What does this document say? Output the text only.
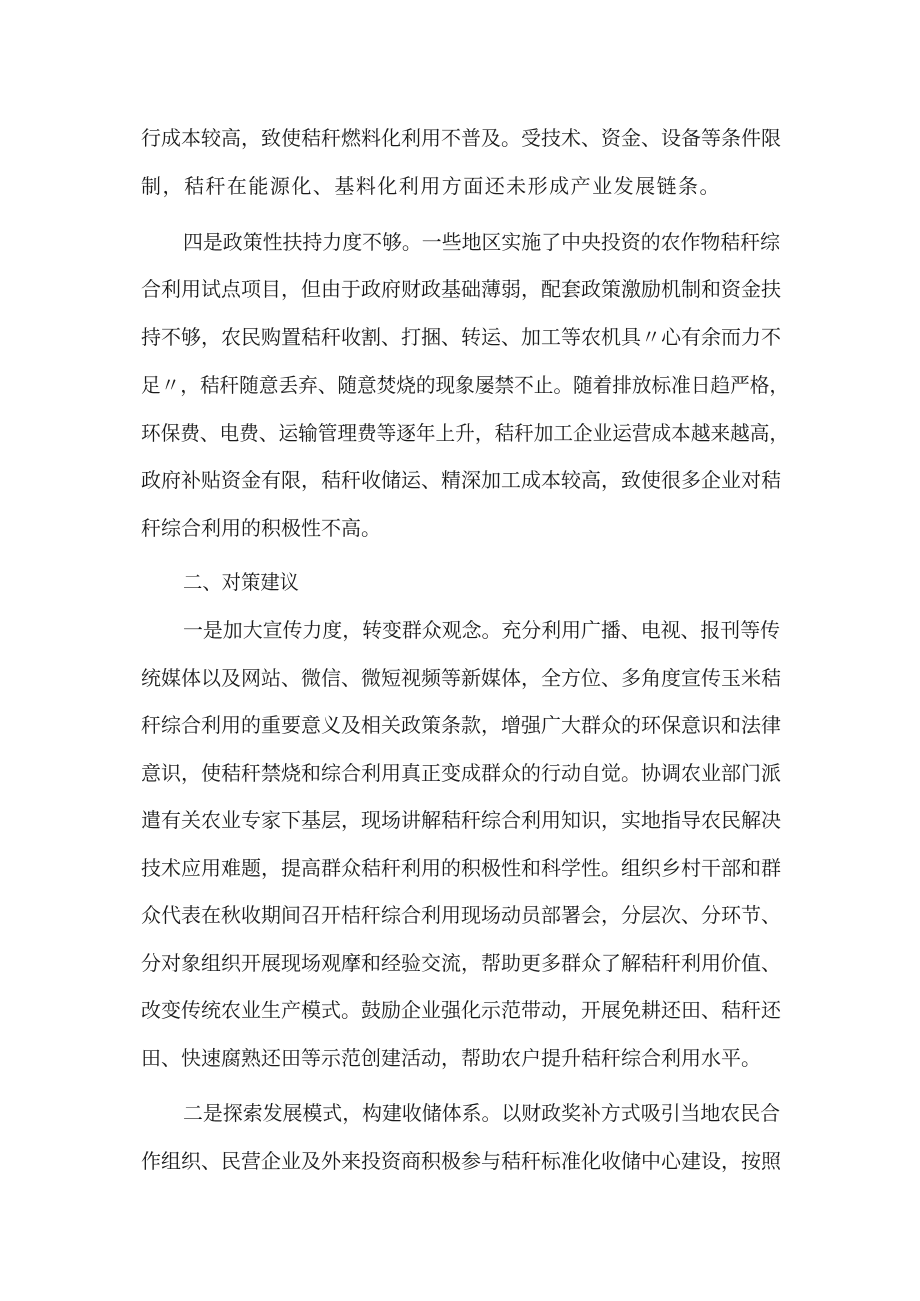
行成本较高，致使秸秆燃料化利用不普及。受技术、资金、设备等条件限
制，秸秆在能源化、基料化利用方面还未形成产业发展链条。
四是政策性扶持力度不够。一些地区实施了中央投资的农作物秸秆综
合利用试点项目，但由于政府财政基础薄弱，配套政策激励机制和资金扶
持不够，农民购置秸秆收割、打捆、转运、加工等农机具〃心有余而力不
足〃，秸秆随意丢弃、随意焚烧的现象屡禁不止。随着排放标准日趋严格，
环保费、电费、运输管理费等逐年上升，秸秆加工企业运营成本越来越高，
政府补贴资金有限，秸秆收储运、精深加工成本较高，致使很多企业对秸
秆综合利用的积极性不高。
二、对策建议
一是加大宣传力度，转变群众观念。充分利用广播、电视、报刊等传
统媒体以及网站、微信、微短视频等新媒体，全方位、多角度宣传玉米秸
秆综合利用的重要意义及相关政策条款，增强广大群众的环保意识和法律
意识，使秸秆禁烧和综合利用真正变成群众的行动自觉。协调农业部门派
遣有关农业专家下基层，现场讲解秸秆综合利用知识，实地指导农民解决
技术应用难题，提高群众秸秆利用的积极性和科学性。组织乡村干部和群
众代表在秋收期间召开桔秆综合利用现场动员部署会，分层次、分环节、
分对象组织开展现场观摩和经验交流，帮助更多群众了解秸秆利用价值、
改变传统农业生产模式。鼓励企业强化示范带动，开展免耕还田、秸秆还
田、快速腐熟还田等示范创建活动，帮助农户提升秸秆综合利用水平。
二是探索发展模式，构建收储体系。以财政奖补方式吸引当地农民合
作组织、民营企业及外来投资商积极参与秸秆标准化收储中心建设，按照
